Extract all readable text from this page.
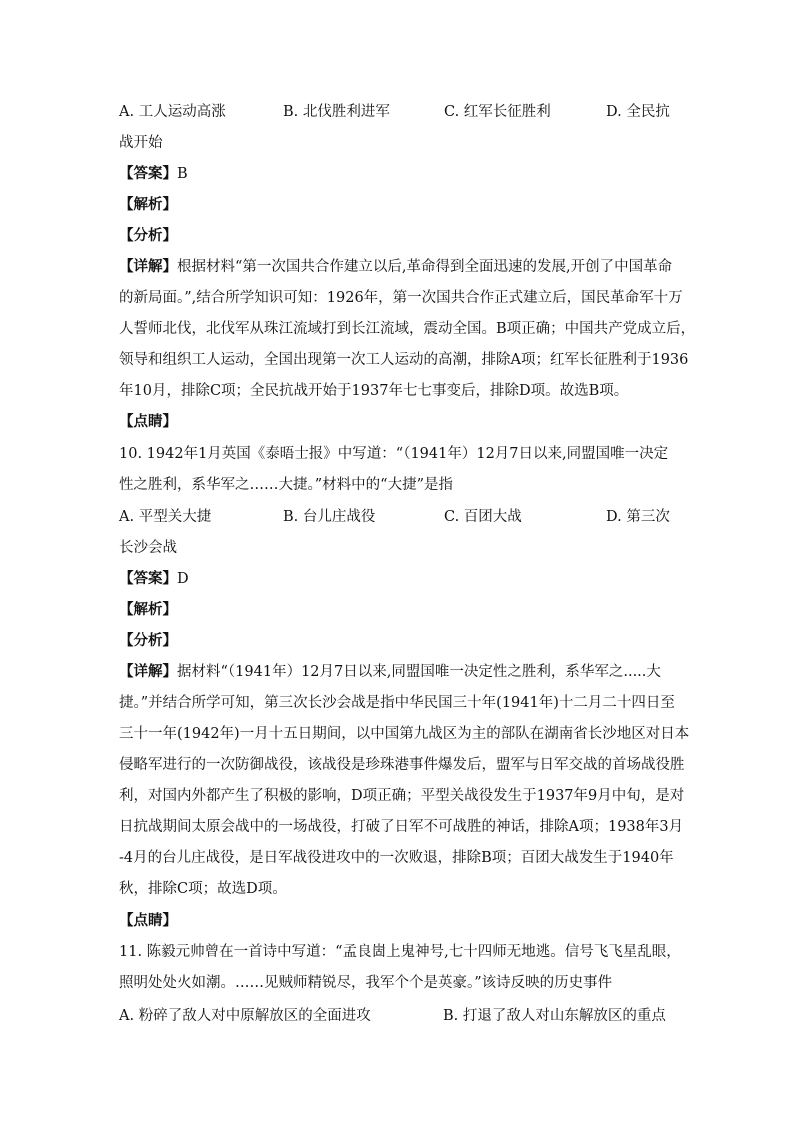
A. 工人运动高涨	B. 北伐胜利进军	C. 红军长征胜利	D. 全民抗
战开始
【答案】B
【解析】
【分析】
【详解】根据材料“第一次国共合作建立以后,革命得到全面迅速的发展,开创了中国革命
的新局面。”,结合所学知识可知：1926年，第一次国共合作正式建立后，国民革命军十万
人誓师北伐，北伐军从珠江流域打到长江流域，震动全国。B项正确；中国共产党成立后，
领导和组织工人运动，全国出现第一次工人运动的高潮，排除A项；红军长征胜利于1936
年10月，排除C项；全民抗战开始于1937年七七事变后，排除D项。故选B项。
【点睛】
10. 1942年1月英国《泰晤士报》中写道：“（1941年）12月7日以来,同盟国唯一决定
性之胜利，系华军之……大捷。”材料中的“大捷”是指
A. 平型关大捷	B. 台儿庄战役	C. 百团大战	D. 第三次
长沙会战
【答案】D
【解析】
【分析】
【详解】据材料“（1941年）12月7日以来,同盟国唯一决定性之胜利，系华军之.....大
捷。”并结合所学可知，第三次长沙会战是指中华民国三十年(1941年)十二月二十四日至
三十一年(1942年)一月十五日期间，以中国第九战区为主的部队在湖南省长沙地区对日本
侵略军进行的一次防御战役，该战役是珍珠港事件爆发后，盟军与日军交战的首场战役胜
利，对国内外都产生了积极的影响，D项正确；平型关战役发生于1937年9月中旬，是对
日抗战期间太原会战中的一场战役，打破了日军不可战胜的神话，排除A项；1938年3月
-4月的台儿庄战役，是日军战役进攻中的一次败退，排除B项；百团大战发生于1940年
秋，排除C项；故选D项。
【点睛】
11. 陈毅元帅曾在一首诗中写道：“孟良崮上鬼神号,七十四师无地逃。信号飞飞星乱眼，
照明处处火如潮。……见贼师精锐尽，我军个个是英豪。”该诗反映的历史事件
A. 粉碎了敌人对中原解放区的全面进攻	B. 打退了敌人对山东解放区的重点
